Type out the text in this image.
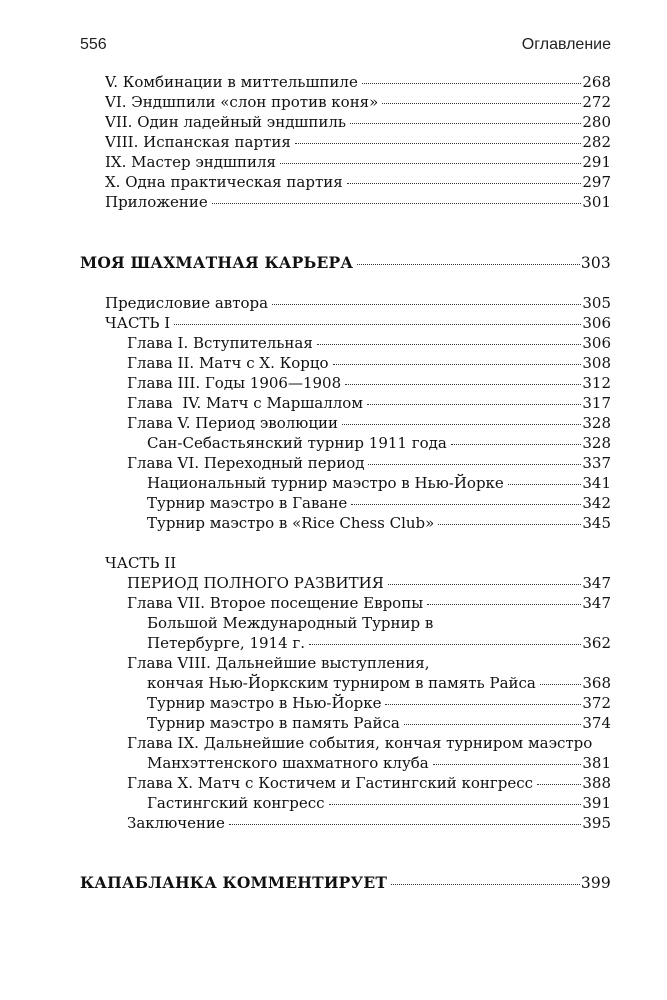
556	Оглавление
V. Комбинации в миттельшпиле	268
VI. Эндшпили «слон против коня»	272
VII. Один ладейный эндшпиль	280
VIII. Испанская партия	282
IX. Мастер эндшпиля	291
X. Одна практическая партия	297
Приложение	301
МОЯ ШАХМАТНАЯ КАРЬЕРА	303
Предисловие автора	305
ЧАСТЬ I	306
Глава I. Вступительная	306
Глава II. Матч с Х. Корцо	308
Глава III. Годы 1906—1908	312
Глава  IV. Матч с Маршаллом	317
Глава V. Период эволюции	328
Сан-Себастьянский турнир 1911 года	328
Глава VI. Переходный период	337
Национальный турнир маэстро в Нью-Йорке	341
Турнир маэстро в Гаване	342
Турнир маэстро в «Rice Chess Club»	345
ЧАСТЬ II
ПЕРИОД ПОЛНОГО РАЗВИТИЯ	347
Глава VII. Второе посещение Европы	347
Большой Международный Турнир в
Петербурге, 1914 г.	362
Глава VIII. Дальнейшие выступления,
кончая Нью-Йоркским турниром в память Райса	368
Турнир маэстро в Нью-Йорке	372
Турнир маэстро в память Райса	374
Глава IX. Дальнейшие события, кончая турниром маэстро
Манхэттенского шахматного клуба	381
Глава X. Матч с Костичем и Гастингский конгресс	388
Гастингский конгресс	391
Заключение	395
КАПАБЛАНКА КОММЕНТИРУЕТ	399
